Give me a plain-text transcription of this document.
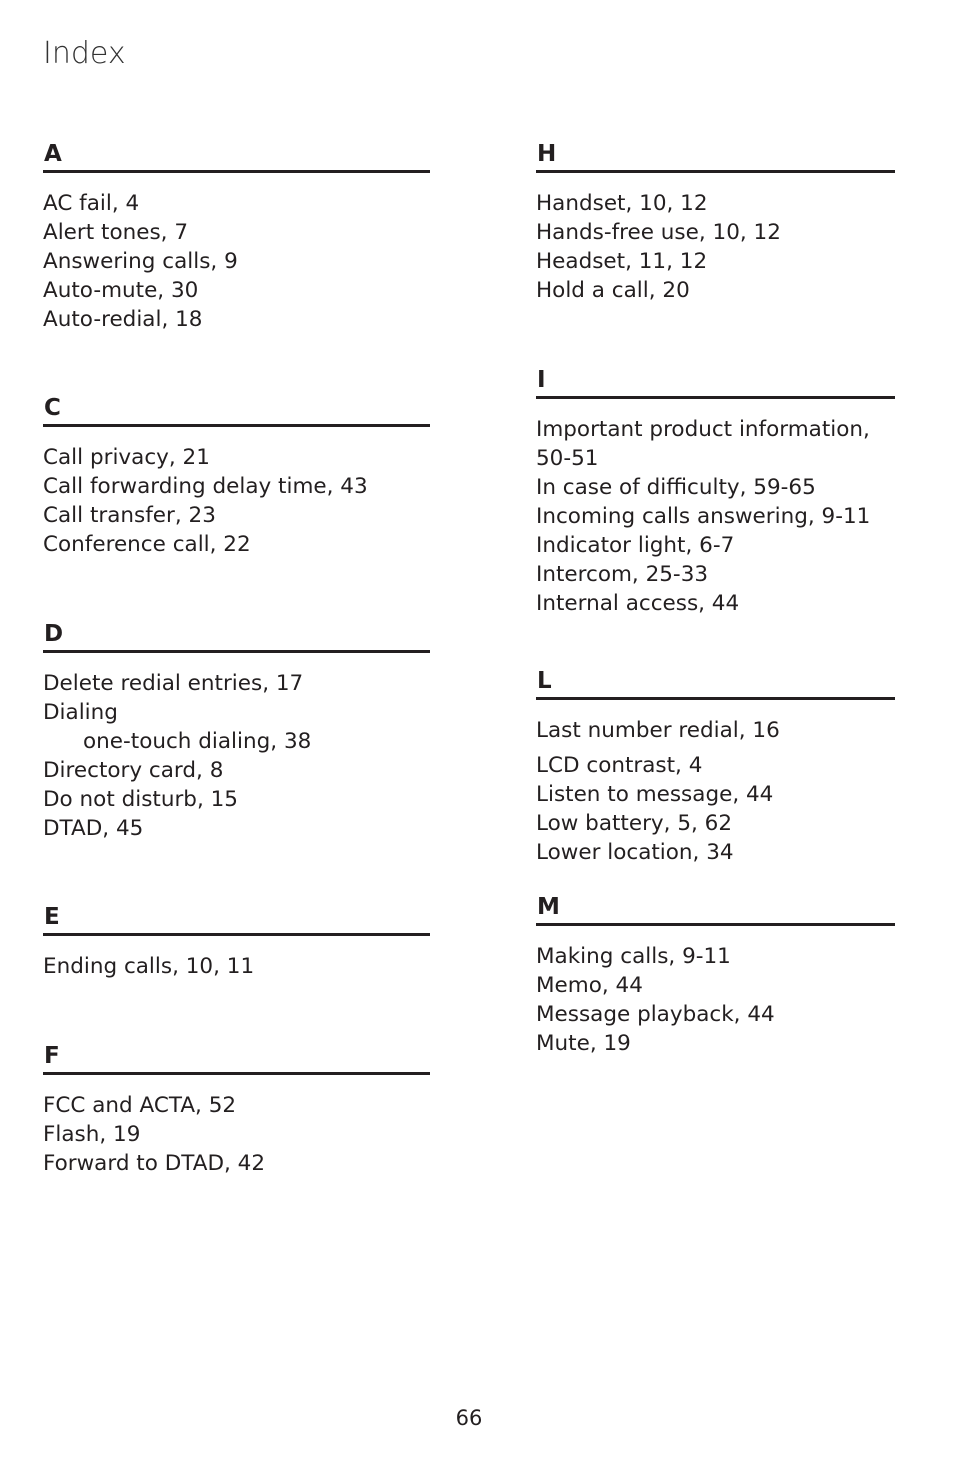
Index
A
AC fail, 4
Alert tones, 7
Answering calls, 9
Auto-mute, 30
Auto-redial, 18
C
Call privacy, 21
Call forwarding delay time, 43
Call transfer, 23
Conference call, 22
D
Delete redial entries, 17
Dialing
one-touch dialing, 38
Directory card, 8
Do not disturb, 15
DTAD, 45
E
Ending calls, 10, 11
F
FCC and ACTA, 52
Flash, 19
Forward to DTAD, 42
H
Handset, 10, 12
Hands-free use, 10, 12
Headset, 11, 12
Hold a call, 20
I
Important product information,
50-51
In case of difficulty, 59-65
Incoming calls answering, 9-11
Indicator light, 6-7
Intercom, 25-33
Internal access, 44
L
Last number redial, 16
LCD contrast, 4
Listen to message, 44
Low battery, 5, 62
Lower location, 34
M
Making calls, 9-11
Memo, 44
Message playback, 44
Mute, 19
66
